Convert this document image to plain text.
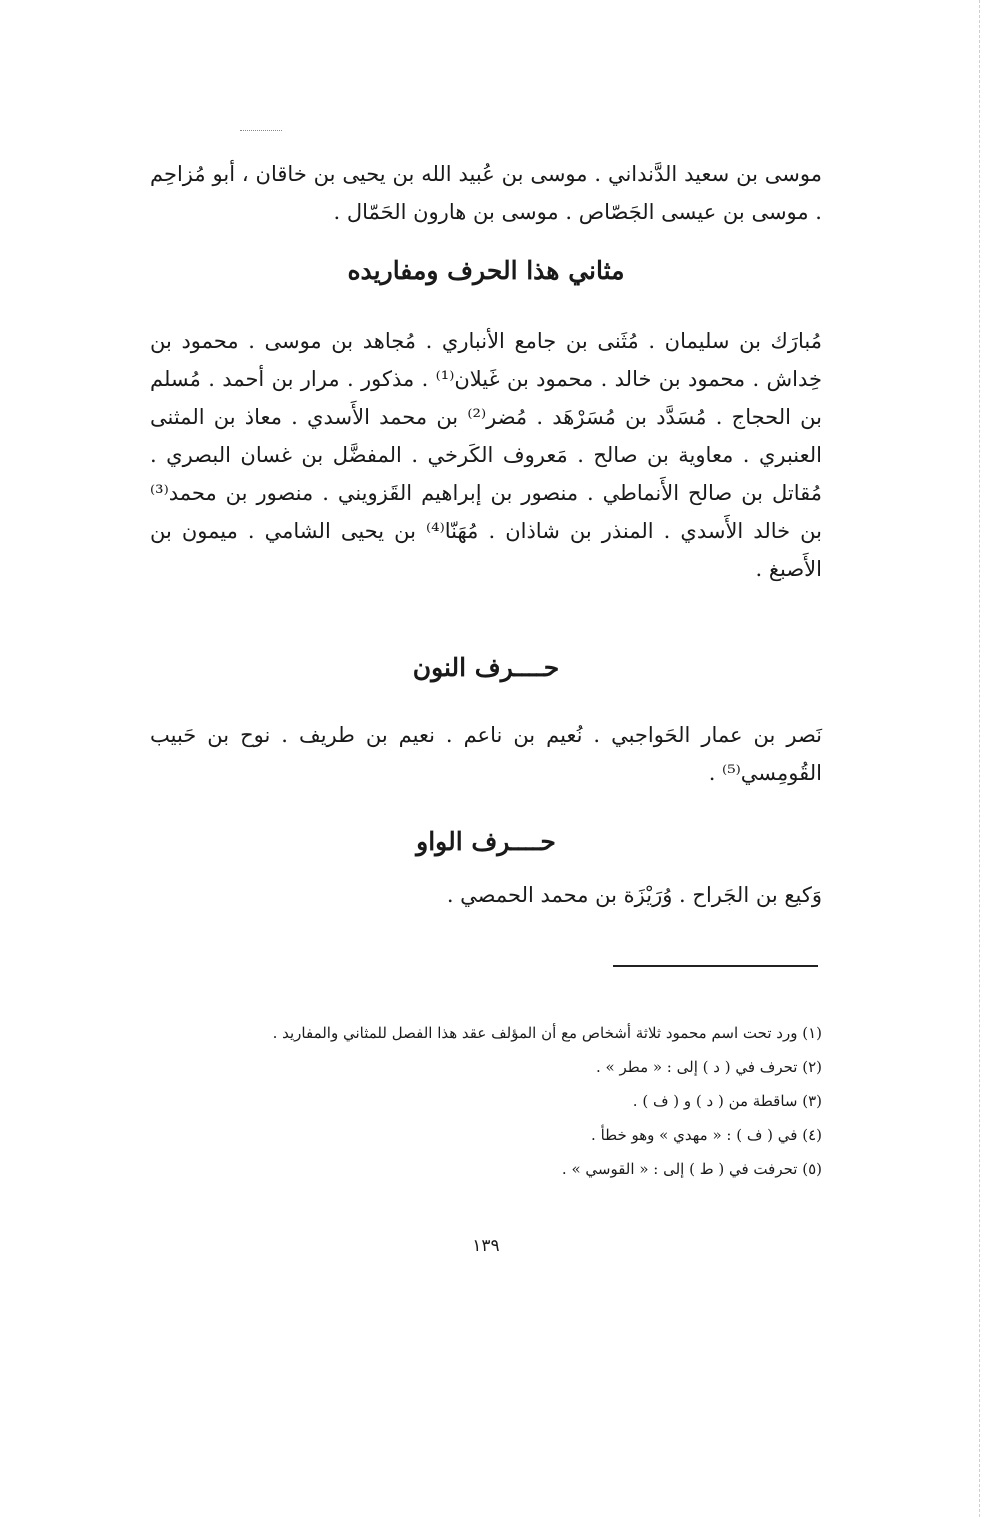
موسى بن سعيد الدَّنداني . موسى بن عُبيد الله بن يحيى بن خاقان ، أبو مُزاحِم . موسى بن عيسى الجَصّاص . موسى بن هارون الحَمّال .

مثاني هذا الحرف ومفاريده

مُبارَك بن سليمان . مُثَنى بن جامع الأنباري . مُجاهد بن موسى . محمود بن خِداش . محمود بن خالد . محمود بن غَيلان⁽¹⁾ . مذكور . مرار بن أحمد . مُسلم بن الحجاج . مُسَدَّد بن مُسَرْهَد . مُضر⁽²⁾ بن محمد الأَسدي . معاذ بن المثنى العنبري . معاوية بن صالح . مَعروف الكَرخي . المفضَّل بن غسان البصري . مُقاتل بن صالح الأَنماطي . منصور بن إبراهيم القَزويني . منصور بن محمد⁽³⁾ بن خالد الأَسدي . المنذر بن شاذان . مُهَنّا⁽⁴⁾ بن يحيى الشامي . ميمون بن الأَصبغ .

حــــرف النون

نَصر بن عمار الحَواجبي . نُعيم بن ناعم . نعيم بن طريف . نوح بن حَبيب القُومِسي⁽⁵⁾ .

حــــرف الواو

وَكيع بن الجَراح . وُرَيْزَة بن محمد الحمصي .

(١) ورد تحت اسم محمود ثلاثة أشخاص مع أن المؤلف عقد هذا الفصل للمثاني والمفاريد .
(٢) تحرف في ( د ) إلى : « مطر » .
(٣) ساقطة من ( د ) و ( ف ) .
(٤) في ( ف ) : « مهدي » وهو خطأ .
(٥) تحرفت في ( ط ) إلى : « القوسي » .
١٣٩
